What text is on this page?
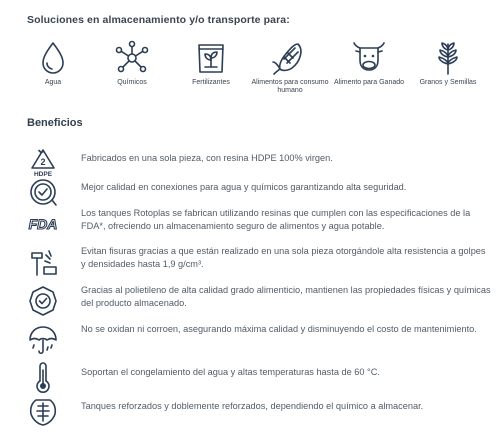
Soluciones en almacenamiento y/o transporte para:
Agua	Químicos	Fertilizantes	Alimentos para consumo humano
Alimento para Ganado	Granos y Semillas
Beneficios
2
HDPE
Fabricados en una sola pieza, con resina HDPE 100% virgen.
Mejor calidad en conexiones para agua y químicos garantizando alta seguridad.
FDA
Los tanques Rotoplas se fabrican utilizando resinas que cumplen con las especificaciones de la FDA*, ofreciendo un almacenamiento seguro de alimentos y agua potable.
Evitan fisuras gracias a que están realizado en una sola pieza otorgándole alta resistencia a golpes y densidades hasta 1,9 g/cm³.
Gracias al polietileno de alta calidad grado alimenticio, mantienen las propiedades físicas y químicas del producto almacenado.
No se oxidan ni corroen, asegurando máxima calidad y disminuyendo el costo de mantenimiento.
Soportan el congelamiento del agua y altas temperaturas hasta de 60 °C.
Tanques reforzados y doblemente reforzados, dependiendo el químico a almacenar.
